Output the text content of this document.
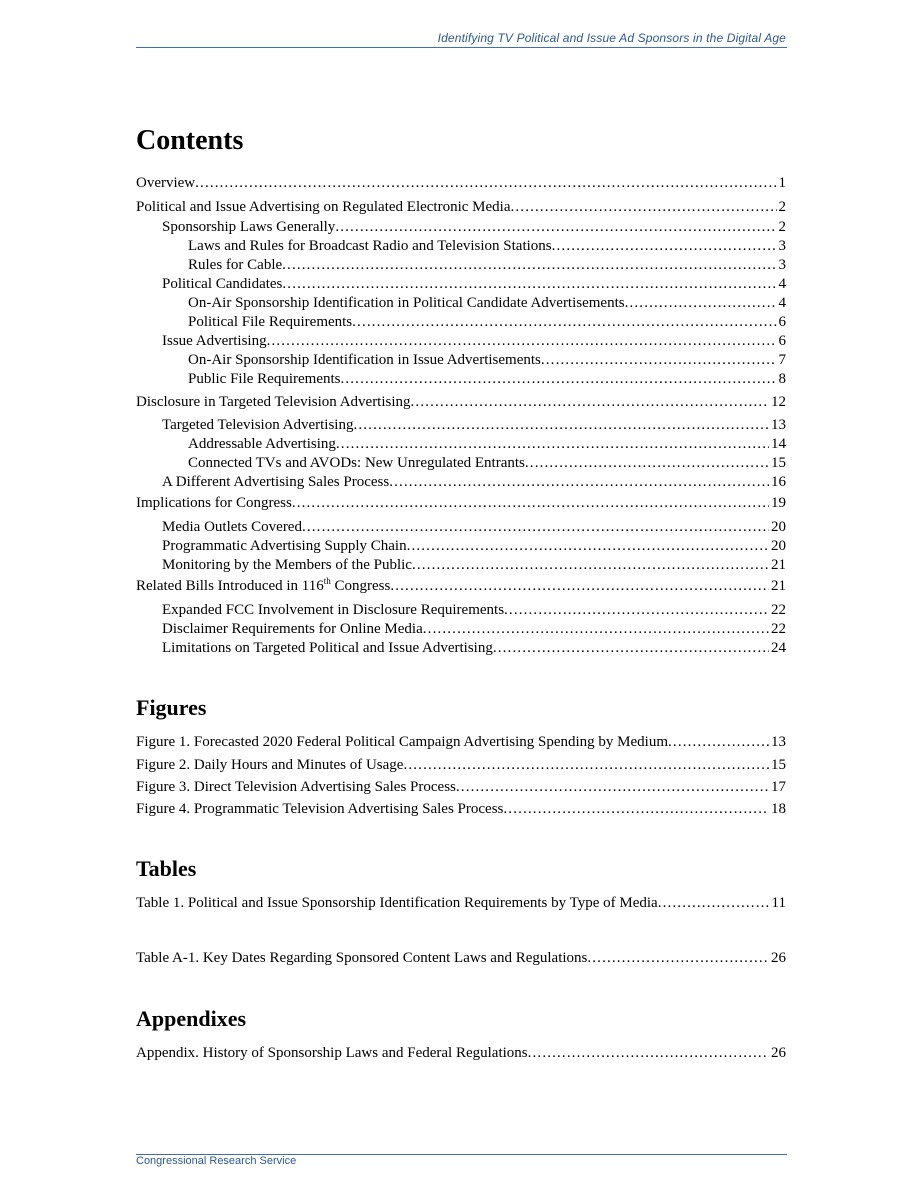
Identifying TV Political and Issue Ad Sponsors in the Digital Age
Contents
Overview . . .	1
Political and Issue Advertising on Regulated Electronic Media . . .	2
Sponsorship Laws Generally . . .	2
Laws and Rules for Broadcast Radio and Television Stations . . .	3
Rules for Cable . . .	3
Political Candidates . . .	4
On-Air Sponsorship Identification in Political Candidate Advertisements . . .	4
Political File Requirements . . .	6
Issue Advertising . . .	6
On-Air Sponsorship Identification in Issue Advertisements . . .	7
Public File Requirements . . .	8
Disclosure in Targeted Television Advertising . . .	12
Targeted Television Advertising . . .	13
Addressable Advertising . . .	14
Connected TVs and AVODs: New Unregulated Entrants . . .	15
A Different Advertising Sales Process . . .	16
Implications for Congress . . .	19
Media Outlets Covered . . .	20
Programmatic Advertising Supply Chain . . .	20
Monitoring by the Members of the Public . . .	21
Related Bills Introduced in 116th Congress . . .	21
Expanded FCC Involvement in Disclosure Requirements . . .	22
Disclaimer Requirements for Online Media . . .	22
Limitations on Targeted Political and Issue Advertising . . .	24
Figures
Figure 1. Forecasted 2020 Federal Political Campaign Advertising Spending by Medium . . .	13
Figure 2. Daily Hours and Minutes of Usage . . .	15
Figure 3. Direct Television Advertising Sales Process . . .	17
Figure 4. Programmatic Television Advertising Sales Process . . .	18
Tables
Table 1. Political and Issue Sponsorship Identification Requirements by Type of Media . . .	11
Table A-1. Key Dates Regarding Sponsored Content Laws and Regulations . . .	26
Appendixes
Appendix. History of Sponsorship Laws and Federal Regulations . . .	26
Congressional Research Service
